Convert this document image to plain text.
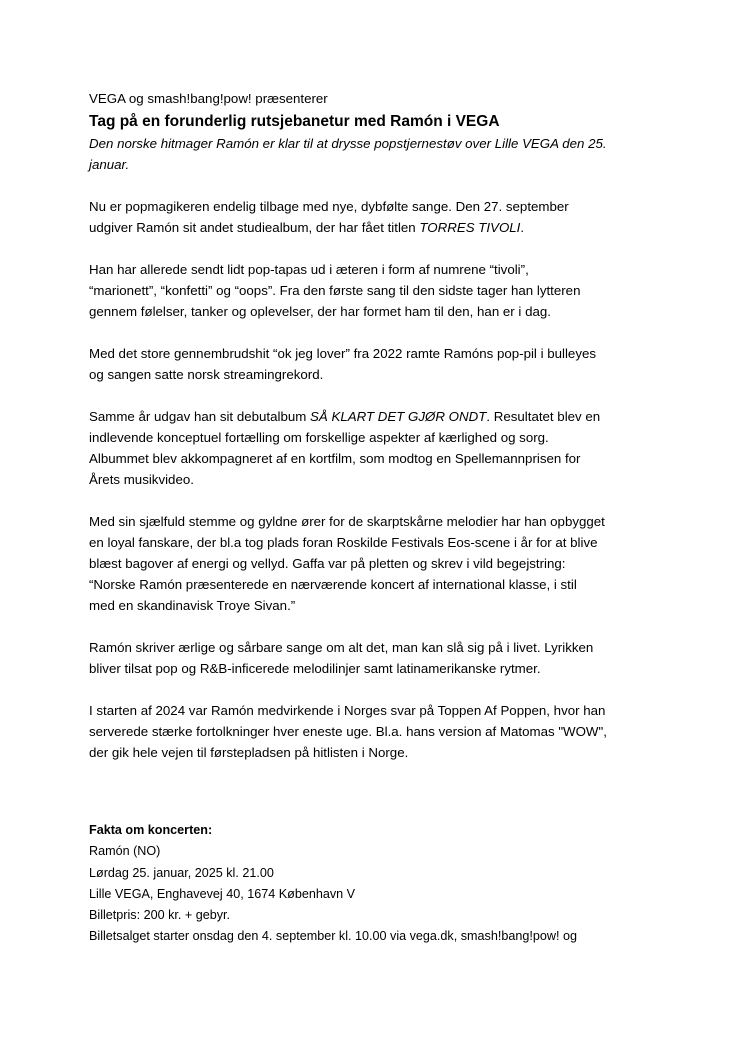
VEGA og smash!bang!pow! præsenterer
Tag på en forunderlig rutsjebanetur med Ramón i VEGA
Den norske hitmager Ramón er klar til at drysse popstjernestøv over Lille VEGA den 25.
januar.
Nu er popmagikeren endelig tilbage med nye, dybfølte sange. Den 27. september
udgiver Ramón sit andet studiealbum, der har fået titlen TORRES TIVOLI.
Han har allerede sendt lidt pop-tapas ud i æteren i form af numrene “tivoli”,
“marionett”, “konfetti” og “oops”. Fra den første sang til den sidste tager han lytteren
gennem følelser, tanker og oplevelser, der har formet ham til den, han er i dag.
Med det store gennembrudshit “ok jeg lover” fra 2022 ramte Ramóns pop-pil i bulleyes
og sangen satte norsk streamingrekord.
Samme år udgav han sit debutalbum SÅ KLART DET GJØR ONDT. Resultatet blev en
indlevende konceptuel fortælling om forskellige aspekter af kærlighed og sorg.
Albummet blev akkompagneret af en kortfilm, som modtog en Spellemannprisen for
Årets musikvideo.
Med sin sjælfuld stemme og gyldne ører for de skarptskårne melodier har han opbygget
en loyal fanskare, der bl.a tog plads foran Roskilde Festivals Eos-scene i år for at blive
blæst bagover af energi og vellyd. Gaffa var på pletten og skrev i vild begejstring:
“Norske Ramón præsenterede en nærværende koncert af international klasse, i stil
med en skandinavisk Troye Sivan.”
Ramón skriver ærlige og sårbare sange om alt det, man kan slå sig på i livet. Lyrikken
bliver tilsat pop og R&B-inficerede melodilinjer samt latinamerikanske rytmer.
I starten af 2024 var Ramón medvirkende i Norges svar på Toppen Af Poppen, hvor han
serverede stærke fortolkninger hver eneste uge. Bl.a. hans version af Matomas "WOW",
der gik hele vejen til førstepladsen på hitlisten i Norge.
Fakta om koncerten:
Ramón (NO)
Lørdag 25. januar, 2025 kl. 21.00
Lille VEGA, Enghavevej 40, 1674 København V
Billetpris: 200 kr. + gebyr.
Billetsalget starter onsdag den 4. september kl. 10.00 via vega.dk, smash!bang!pow! og
